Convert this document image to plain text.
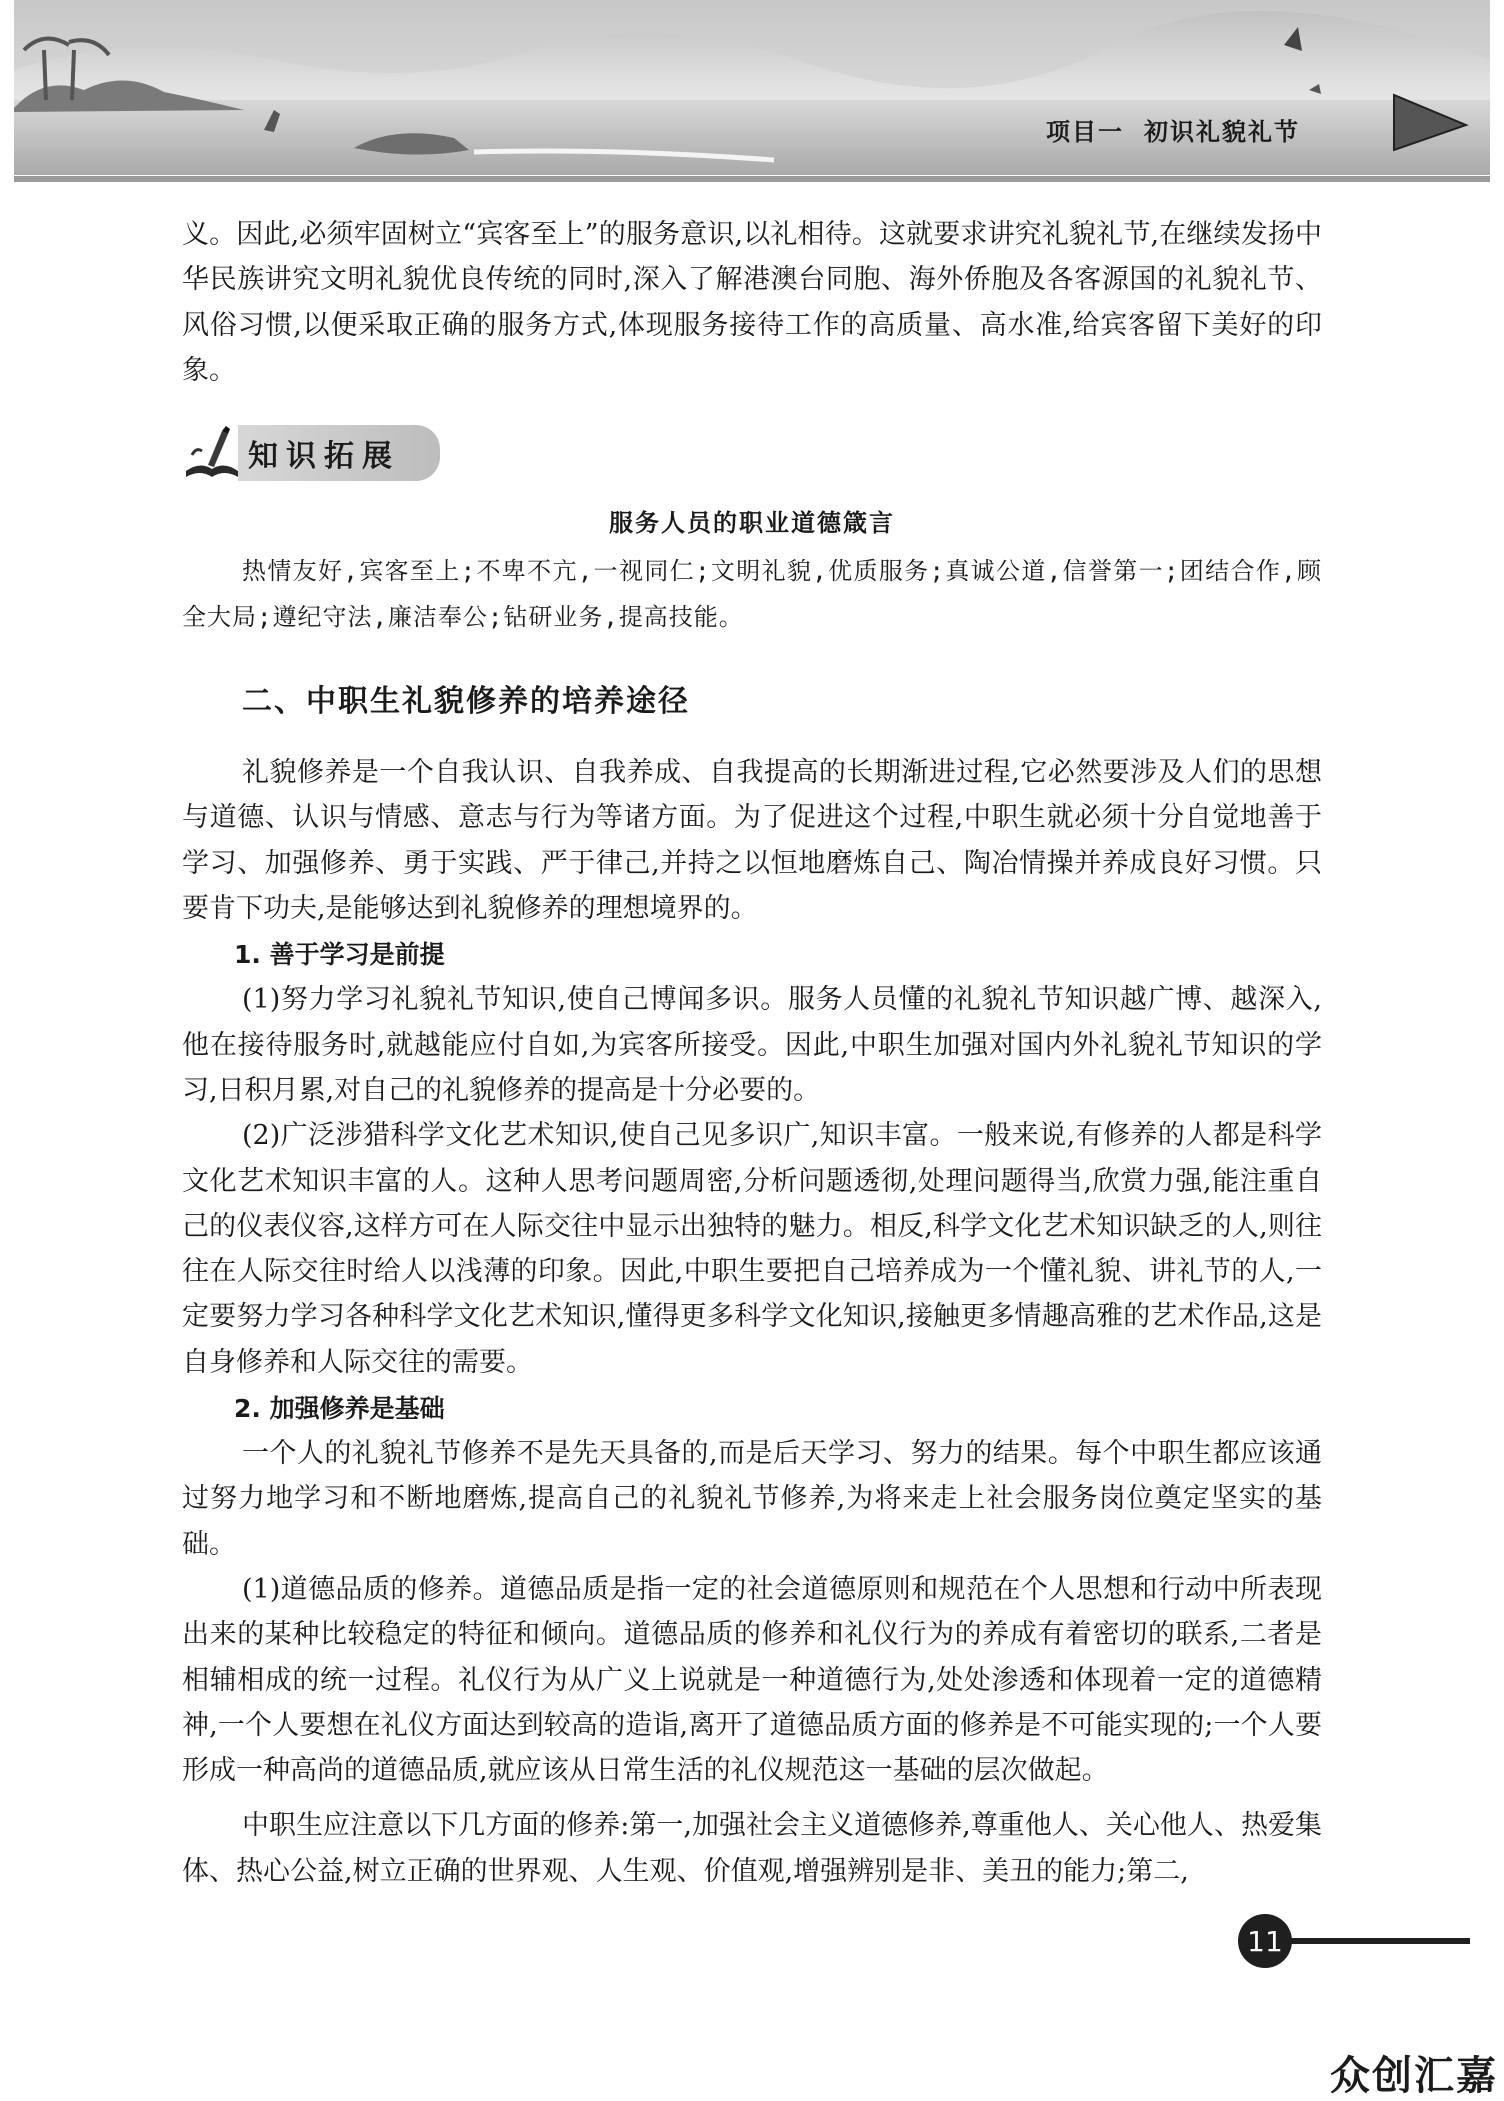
项目一 初识礼貌礼节

义。因此,必须牢固树立“宾客至上”的服务意识,以礼相待。这就要求讲究礼貌礼节,在继续发扬中华民族讲究文明礼貌优良传统的同时,深入了解港澳台同胞、海外侨胞及各客源国的礼貌礼节、风俗习惯,以便采取正确的服务方式,体现服务接待工作的高质量、高水准,给宾客留下美好的印象。

知识拓展
服务人员的职业道德箴言

热情友好,宾客至上;不卑不亢,一视同仁;文明礼貌,优质服务;真诚公道,信誉第一;团结合作,顾全大局;遵纪守法,廉洁奉公;钻研业务,提高技能。

二、中职生礼貌修养的培养途径

礼貌修养是一个自我认识、自我养成、自我提高的长期渐进过程,它必然要涉及人们的思想与道德、认识与情感、意志与行为等诸方面。为了促进这个过程,中职生就必须十分自觉地善于学习、加强修养、勇于实践、严于律己,并持之以恒地磨炼自己、陶冶情操并养成良好习惯。只要肯下功夫,是能够达到礼貌修养的理想境界的。

1. 善于学习是前提

(1)努力学习礼貌礼节知识,使自己博闻多识。服务人员懂的礼貌礼节知识越广博、越深入,他在接待服务时,就越能应付自如,为宾客所接受。因此,中职生加强对国内外礼貌礼节知识的学习,日积月累,对自己的礼貌修养的提高是十分必要的。

(2)广泛涉猎科学文化艺术知识,使自己见多识广,知识丰富。一般来说,有修养的人都是科学文化艺术知识丰富的人。这种人思考问题周密,分析问题透彻,处理问题得当,欣赏力强,能注重自己的仪表仪容,这样方可在人际交往中显示出独特的魅力。相反,科学文化艺术知识缺乏的人,则往往在人际交往时给人以浅薄的印象。因此,中职生要把自己培养成为一个懂礼貌、讲礼节的人,一定要努力学习各种科学文化艺术知识,懂得更多科学文化知识,接触更多情趣高雅的艺术作品,这是自身修养和人际交往的需要。

2. 加强修养是基础

一个人的礼貌礼节修养不是先天具备的,而是后天学习、努力的结果。每个中职生都应该通过努力地学习和不断地磨炼,提高自己的礼貌礼节修养,为将来走上社会服务岗位奠定坚实的基础。

(1)道德品质的修养。道德品质是指一定的社会道德原则和规范在个人思想和行动中所表现出来的某种比较稳定的特征和倾向。道德品质的修养和礼仪行为的养成有着密切的联系,二者是相辅相成的统一过程。礼仪行为从广义上说就是一种道德行为,处处渗透和体现着一定的道德精神,一个人要想在礼仪方面达到较高的造诣,离开了道德品质方面的修养是不可能实现的;一个人要形成一种高尚的道德品质,就应该从日常生活的礼仪规范这一基础的层次做起。

中职生应注意以下几方面的修养:第一,加强社会主义道德修养,尊重他人、关心他人、热爱集体、热心公益,树立正确的世界观、人生观、价值观,增强辨别是非、美丑的能力;第二,

11
众创汇嘉
